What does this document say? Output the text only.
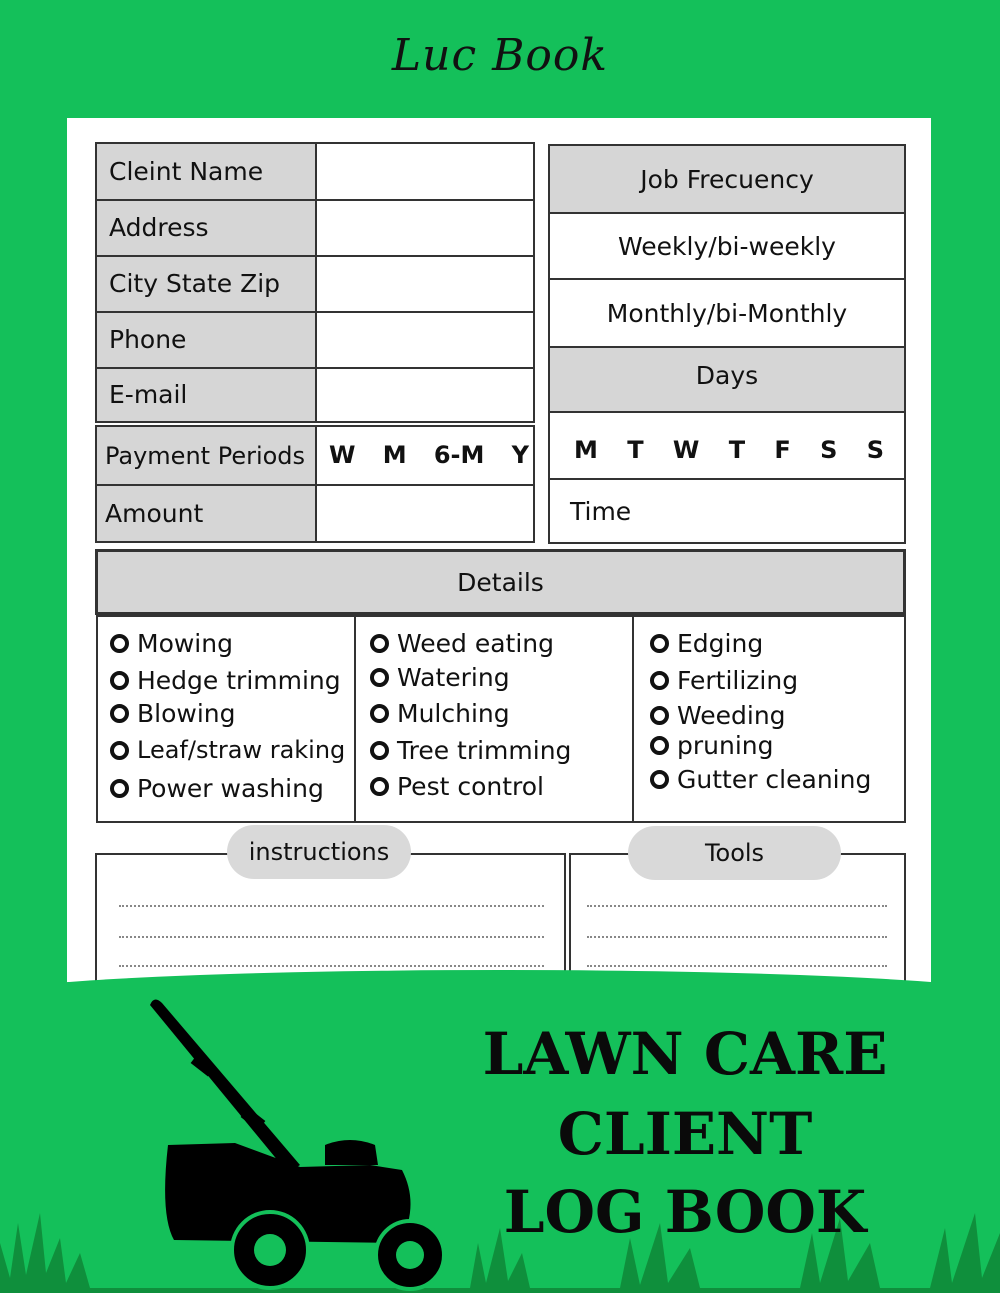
Luc Book
Cleint Name
Address
City State Zip
Phone
E-mail
Payment Periods
Amount
W M 6-M Y
Job Frecuency
Weekly/bi-weekly
Monthly/bi-Monthly
Days
M T W T F S S
Time
Details
Mowing
Hedge trimming
Blowing
Leaf/straw raking
Power washing
Weed eating
Watering
Mulching
Tree trimming
Pest control
Edging
Fertilizing
Weeding
pruning
Gutter cleaning
instructions	Tools
LAWN CARE
CLIENT
LOG BOOK
